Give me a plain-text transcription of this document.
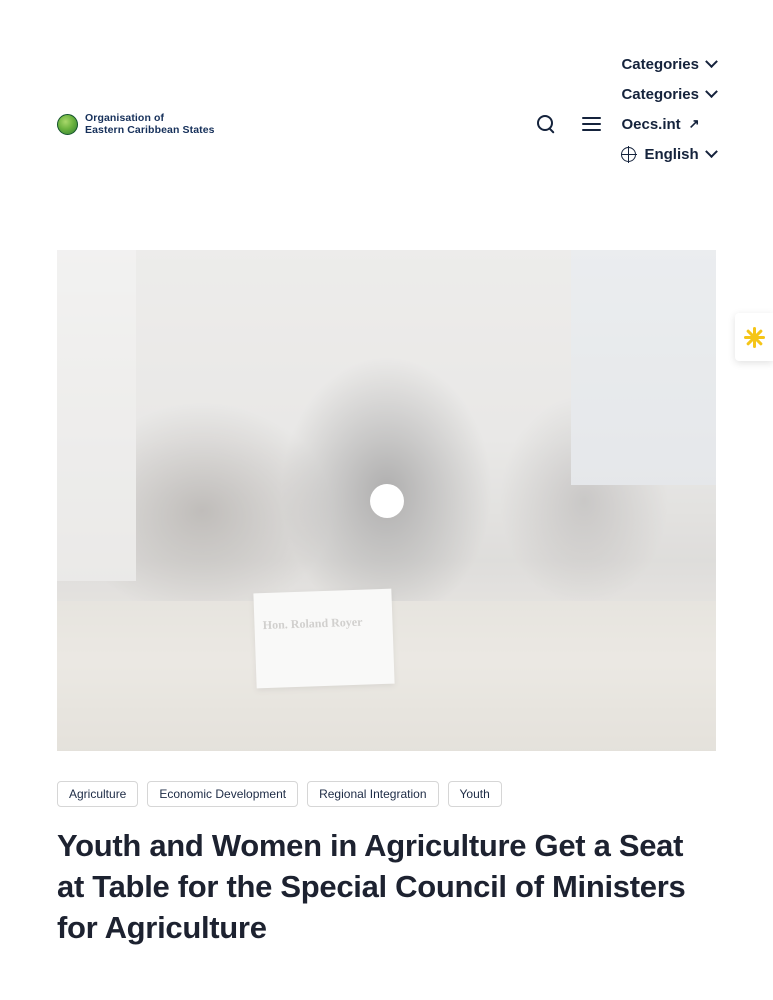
Organisation of
Eastern Caribbean States
Categories
Categories
Oecs.int ↗
English
Agriculture	Economic Development	Regional Integration	Youth
Youth and Women in Agriculture Get a Seat at Table for the Special Council of Ministers for Agriculture
